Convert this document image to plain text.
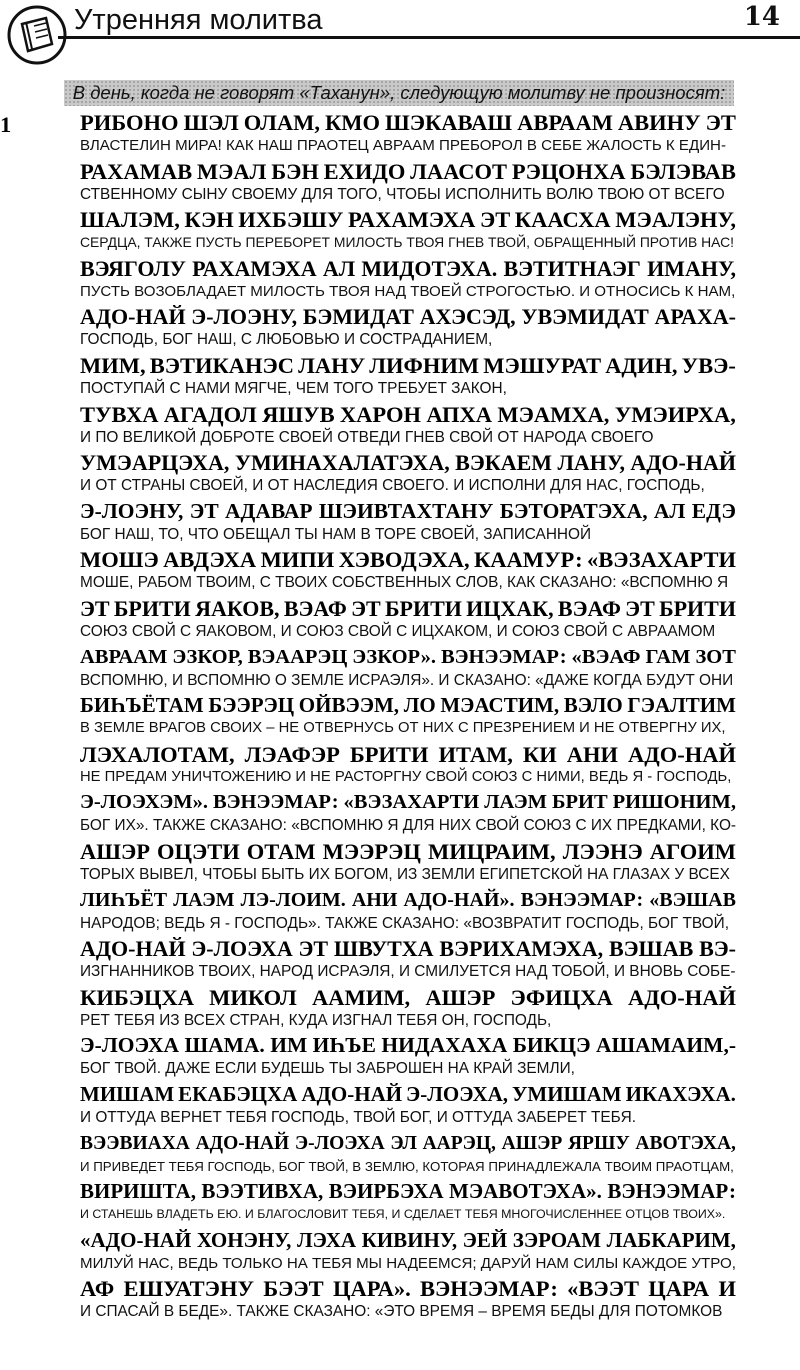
Утренняя молитва	14
В день, когда не говорят «Таханун», следующую молитву не произносят:
1	РИБОНО ШЭЛ ОЛАМ, КМО ШЭКАВАШ АВРААМ АВИНУ ЭТ
ВЛАСТЕЛИН МИРА! КАК НАШ ПРАОТЕЦ АВРААМ ПРЕБОРОЛ В СЕБЕ ЖАЛОСТЬ К ЕДИН-
РАХАМАВ МЭАЛ БЭН ЕХИДО ЛААСОТ РЭЦОНХА БЭЛЭВАВ
СТВЕННОМУ СЫНУ СВОЕМУ ДЛЯ ТОГО, ЧТОБЫ ИСПОЛНИТЬ ВОЛЮ ТВОЮ ОТ ВСЕГО
ШАЛЭМ, КЭН ИХБЭШУ РАХАМЭХА ЭТ КААСХА МЭАЛЭНУ,
СЕРДЦА, ТАКЖЕ ПУСТЬ ПЕРЕБОРЕТ МИЛОСТЬ ТВОЯ ГНЕВ ТВОЙ, ОБРАЩЕННЫЙ ПРОТИВ НАС!
ВЭЯГОЛУ РАХАМЭХА АЛ МИДОТЭХА. ВЭТИТНАЭГ ИМАНУ,
ПУСТЬ ВОЗОБЛАДАЕТ МИЛОСТЬ ТВОЯ НАД ТВОЕЙ СТРОГОСТЬЮ. И ОТНОСИСЬ К НАМ,
АДО-НАЙ Э-ЛОЭНУ, БЭМИДАТ АХЭСЭД, УВЭМИДАТ АРАХА-
ГОСПОДЬ, БОГ НАШ, С ЛЮБОВЬЮ И СОСТРАДАНИЕМ,
МИМ, ВЭТИКАНЭС ЛАНУ ЛИФНИМ МЭШУРАТ АДИН, УВЭ-
ПОСТУПАЙ С НАМИ МЯГЧЕ, ЧЕМ ТОГО ТРЕБУЕТ ЗАКОН,
ТУВХА АГАДОЛ ЯШУВ ХАРОН АПХА МЭАМХА, УМЭИРХА,
И ПО ВЕЛИКОЙ ДОБРОТЕ СВОЕЙ ОТВЕДИ ГНЕВ СВОЙ ОТ НАРОДА СВОЕГО
УМЭАРЦЭХА, УМИНАХАЛАТЭХА, ВЭКАЕМ ЛАНУ, АДО-НАЙ
И ОТ СТРАНЫ СВОЕЙ, И ОТ НАСЛЕДИЯ СВОЕГО. И ИСПОЛНИ ДЛЯ НАС, ГОСПОДЬ,
Э-ЛОЭНУ, ЭТ АДАВАР ШЭИВТАХТАНУ БЭТОРАТЭХА, АЛ ЕДЭ
БОГ НАШ, ТО, ЧТО ОБЕЩАЛ ТЫ НАМ В ТОРЕ СВОЕЙ, ЗАПИСАННОЙ
МОШЭ АВДЭХА МИПИ ХЭВОДЭХА, КААМУР: «ВЭЗАХАРТИ
МОШЕ, РАБОМ ТВОИМ, С ТВОИХ СОБСТВЕННЫХ СЛОВ, КАК СКАЗАНО: «ВСПОМНЮ Я
ЭТ БРИТИ ЯАКОВ, ВЭАФ ЭТ БРИТИ ИЦХАК, ВЭАФ ЭТ БРИТИ
СОЮЗ СВОЙ С ЯАКОВОМ, И СОЮЗ СВОЙ С ИЦХАКОМ, И СОЮЗ СВОЙ С АВРААМОМ
АВРААМ ЭЗКОР, ВЭААРЭЦ ЭЗКОР». ВЭНЭЭМАР: «ВЭАФ ГАМ ЗОТ
ВСПОМНЮ, И ВСПОМНЮ О ЗЕМЛЕ ИСРАЭЛЯ». И СКАЗАНО: «ДАЖЕ КОГДА БУДУТ ОНИ
БИҺЪЁТАМ БЭЭРЭЦ ОЙВЭЭМ, ЛО МЭАСТИМ, ВЭЛО ГЭАЛТИМ
В ЗЕМЛЕ ВРАГОВ СВОИХ – НЕ ОТВЕРНУСЬ ОТ НИХ С ПРЕЗРЕНИЕМ И НЕ ОТВЕРГНУ ИХ,
ЛЭХАЛОТАМ, ЛЭАФЭР БРИТИ ИТАМ, КИ АНИ АДО-НАЙ
НЕ ПРЕДАМ УНИЧТОЖЕНИЮ И НЕ РАСТОРГНУ СВОЙ СОЮЗ С НИМИ, ВЕДЬ Я - ГОСПОДЬ,
Э-ЛОЭХЭМ». ВЭНЭЭМАР: «ВЭЗАХАРТИ ЛАЭМ БРИТ РИШОНИМ,
БОГ ИХ». ТАКЖЕ СКАЗАНО: «ВСПОМНЮ Я ДЛЯ НИХ СВОЙ СОЮЗ С ИХ ПРЕДКАМИ, КО-
АШЭР ОЦЭТИ ОТАМ МЭЭРЭЦ МИЦРАИМ, ЛЭЭНЭ АГОИМ
ТОРЫХ ВЫВЕЛ, ЧТОБЫ БЫТЬ ИХ БОГОМ, ИЗ ЗЕМЛИ ЕГИПЕТСКОЙ НА ГЛАЗАХ У ВСЕХ
ЛИҺЪЁТ ЛАЭМ ЛЭ-ЛОИМ. АНИ АДО-НАЙ». ВЭНЭЭМАР: «ВЭШАВ
НАРОДОВ; ВЕДЬ Я - ГОСПОДЬ». ТАКЖЕ СКАЗАНО: «ВОЗВРАТИТ ГОСПОДЬ, БОГ ТВОЙ,
АДО-НАЙ Э-ЛОЭХА ЭТ ШВУТХА ВЭРИХАМЭХА, ВЭШАВ ВЭ-
ИЗГНАННИКОВ ТВОИХ, НАРОД ИСРАЭЛЯ, И СМИЛУЕТСЯ НАД ТОБОЙ, И ВНОВЬ СОБЕ-
КИБЭЦХА МИКОЛ ААМИМ, АШЭР ЭФИЦХА АДО-НАЙ
РЕТ ТЕБЯ ИЗ ВСЕХ СТРАН, КУДА ИЗГНАЛ ТЕБЯ ОН, ГОСПОДЬ,
Э-ЛОЭХА ШАМА. ИМ ИҺЪЕ НИДАХАХА БИКЦЭ АШАМАИМ,-
БОГ ТВОЙ. ДАЖЕ ЕСЛИ БУДЕШЬ ТЫ ЗАБРОШЕН НА КРАЙ ЗЕМЛИ,
МИШАМ ЕКАБЭЦХА АДО-НАЙ Э-ЛОЭХА, УМИШАМ ИКАХЭХА.
И ОТТУДА ВЕРНЕТ ТЕБЯ ГОСПОДЬ, ТВОЙ БОГ, И ОТТУДА ЗАБЕРЕТ ТЕБЯ.
ВЭЭВИАХА АДО-НАЙ Э-ЛОЭХА ЭЛ ААРЭЦ, АШЭР ЯРШУ АВОТЭХА,
И ПРИВЕДЕТ ТЕБЯ ГОСПОДЬ, БОГ ТВОЙ, В ЗЕМЛЮ, КОТОРАЯ ПРИНАДЛЕЖАЛА ТВОИМ ПРАОТЦАМ,
ВИРИШТА, ВЭЭТИВХА, ВЭИРБЭХА МЭАВОТЭХА». ВЭНЭЭМАР:
И СТАНЕШЬ ВЛАДЕТЬ ЕЮ. И БЛАГОСЛОВИТ ТЕБЯ, И СДЕЛАЕТ ТЕБЯ МНОГОЧИСЛЕННЕЕ ОТЦОВ ТВОИХ».
«АДО-НАЙ ХОНЭНУ, ЛЭХА КИВИНУ, ЭЕЙ ЗЭРОАМ ЛАБКАРИМ,
МИЛУЙ НАС, ВЕДЬ ТОЛЬКО НА ТЕБЯ МЫ НАДЕЕМСЯ; ДАРУЙ НАМ СИЛЫ КАЖДОЕ УТРО,
АФ ЕШУАТЭНУ БЭЭТ ЦАРА». ВЭНЭЭМАР: «ВЭЭТ ЦАРА И
И СПАСАЙ В БЕДЕ». ТАКЖЕ СКАЗАНО: «ЭТО ВРЕМЯ – ВРЕМЯ БЕДЫ ДЛЯ ПОТОМКОВ
